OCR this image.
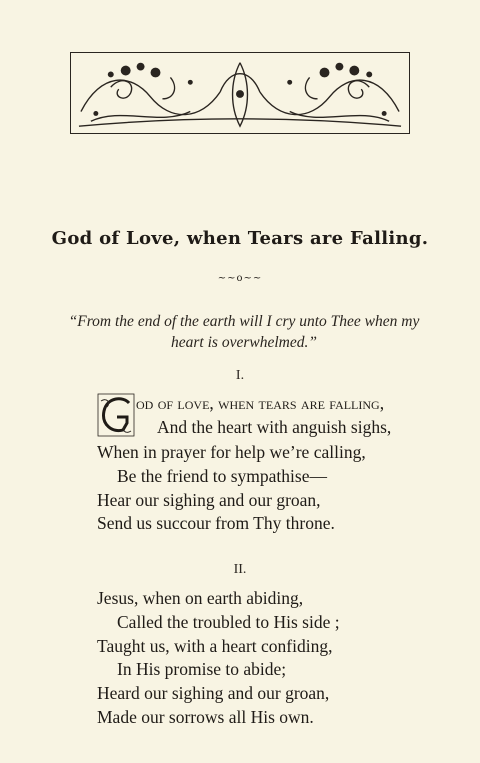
God of Love, when Tears are Falling.
~~o~~
“From the end of the earth will I cry unto Thee when my
heart is overwhelmed.”
I.
od of love, when tears are falling,
And the heart with anguish sighs,
When in prayer for help we’re calling,
Be the friend to sympathise—
Hear our sighing and our groan,
Send us succour from Thy throne.
II.
Jesus, when on earth abiding,
Called the troubled to His side ;
Taught us, with a heart confiding,
In His promise to abide;
Heard our sighing and our groan,
Made our sorrows all His own.
